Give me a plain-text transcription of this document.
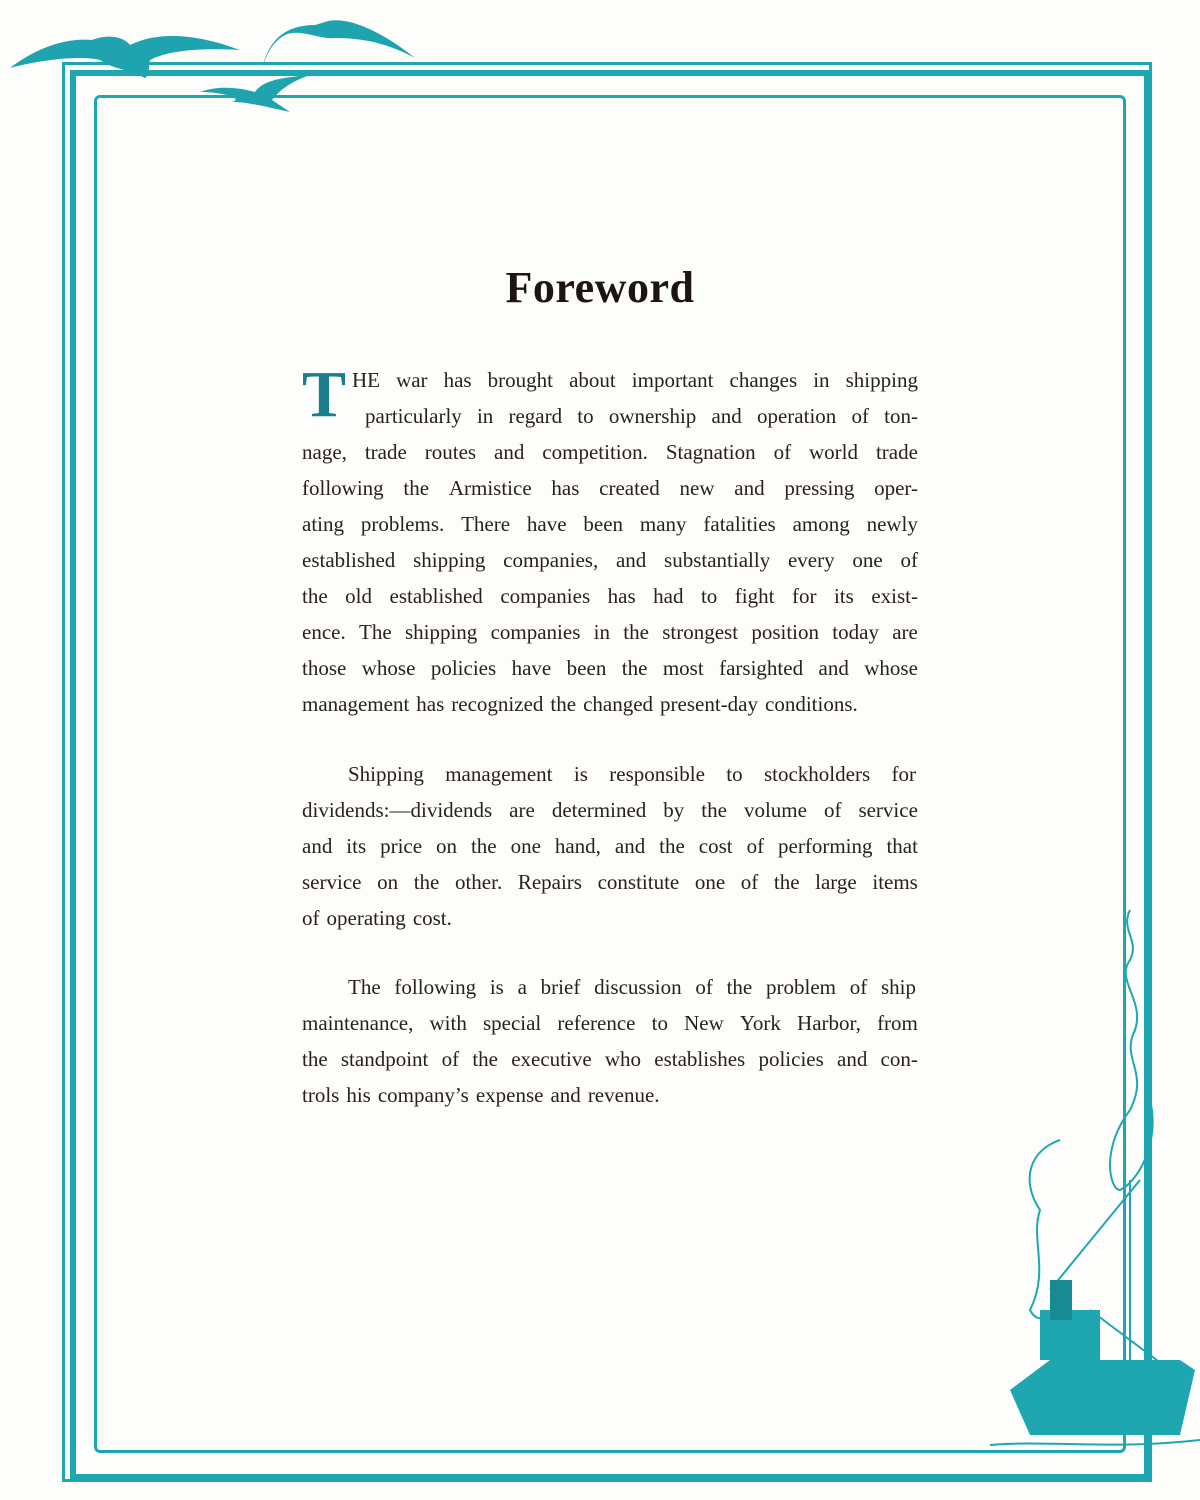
Foreword
T HE war has brought about important changes in shipping
particularly in regard to ownership and operation of ton-
nage, trade routes and competition. Stagnation of world trade
following the Armistice has created new and pressing oper-
ating problems. There have been many fatalities among newly
established shipping companies, and substantially every one of
the old established companies has had to fight for its exist-
ence. The shipping companies in the strongest position today are
those whose policies have been the most farsighted and whose
management has recognized the changed present-day conditions.
Shipping management is responsible to stockholders for
dividends:—dividends are determined by the volume of service
and its price on the one hand, and the cost of performing that
service on the other. Repairs constitute one of the large items
of operating cost.
The following is a brief discussion of the problem of ship
maintenance, with special reference to New York Harbor, from
the standpoint of the executive who establishes policies and con-
trols his company’s expense and revenue.
